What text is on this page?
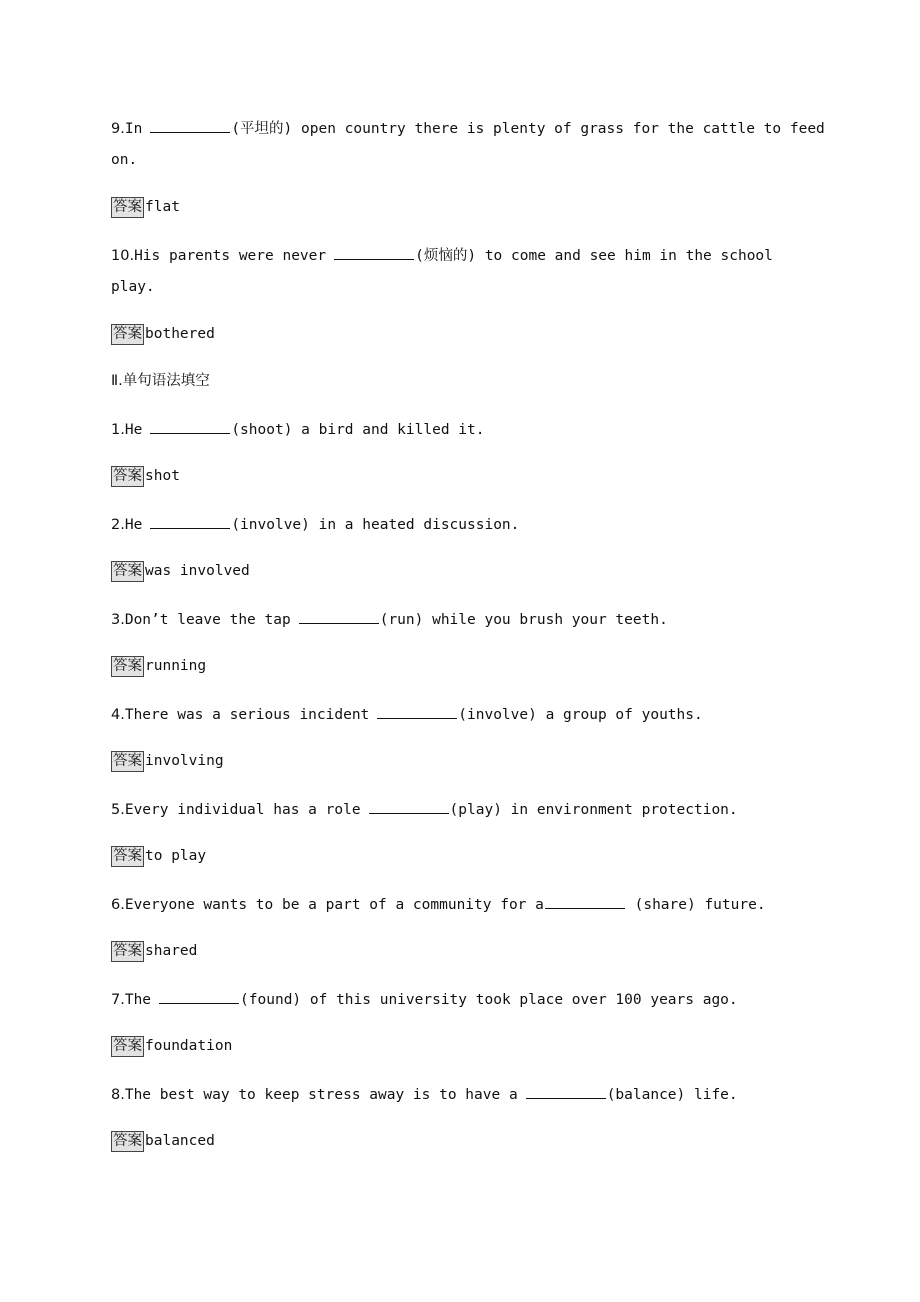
9.In	(平坦的) open country there is plenty of grass for the cattle to feed
on.
答案 flat
10.His parents were never	(烦恼的) to come and see him in the school
play.
答案 bothered
Ⅱ.单句语法填空
1.He	(shoot) a bird and killed it.
答案 shot
2.He	(involve) in a heated discussion.
答案 was involved
3.Don’t leave the tap	(run) while you brush your teeth.
答案 running
4.There was a serious incident	(involve) a group of youths.
答案 involving
5.Every individual has a role	(play) in environment protection.
答案 to play
6.Everyone wants to be a part of a community for a	(share) future.
答案 shared
7.The	(found) of this university took place over 100 years ago.
答案 foundation
8.The best way to keep stress away is to have a	(balance) life.
答案 balanced
